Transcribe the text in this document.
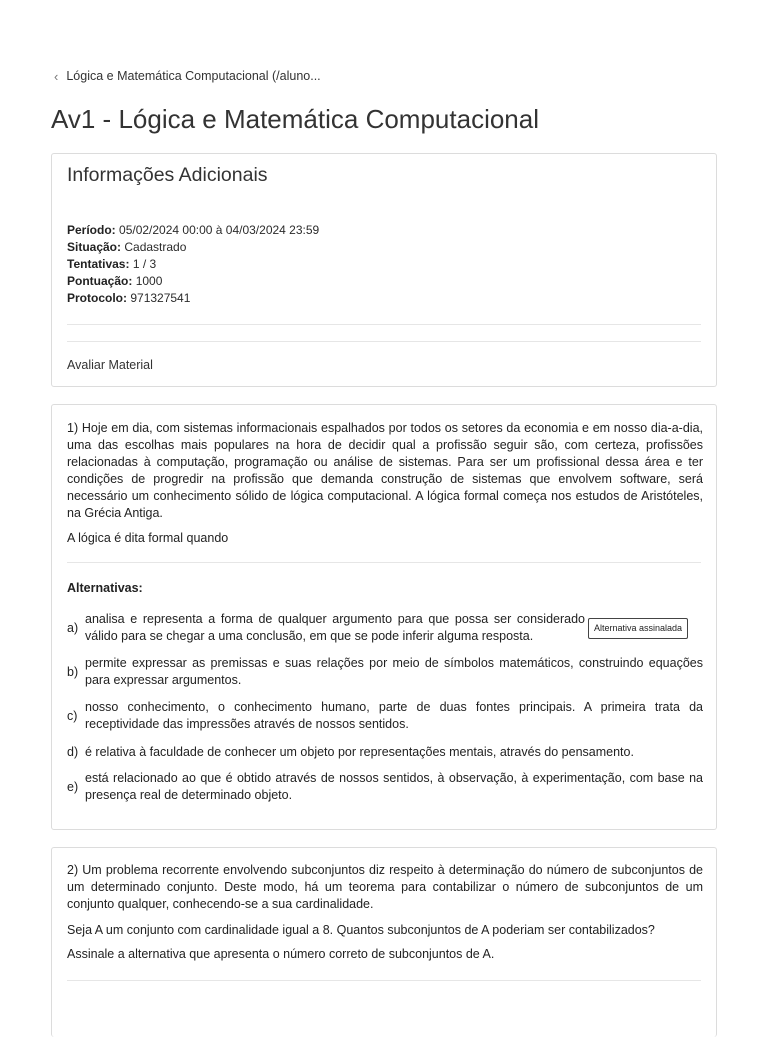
‹ Lógica e Matemática Computacional (/aluno...
Av1 - Lógica e Matemática Computacional
Informações Adicionais
Período: 05/02/2024 00:00 à 04/03/2024 23:59
Situação: Cadastrado
Tentativas: 1 / 3
Pontuação: 1000
Protocolo: 971327541
Avaliar Material

1) Hoje em dia, com sistemas informacionais espalhados por todos os setores da economia e em nosso dia-a-dia, uma das escolhas mais populares na hora de decidir qual a profissão seguir são, com certeza, profissões relacionadas à computação, programação ou análise de sistemas. Para ser um profissional dessa área e ter condições de progredir na profissão que demanda construção de sistemas que envolvem software, será necessário um conhecimento sólido de lógica computacional. A lógica formal começa nos estudos de Aristóteles, na Grécia Antiga.

A lógica é dita formal quando

Alternativas:
a)
analisa e representa a forma de qualquer argumento para que possa ser considerado válido para se chegar a uma conclusão, em que se pode inferir alguma resposta.
Alternativa assinalada
b)
permite expressar as premissas e suas relações por meio de símbolos matemáticos, construindo equações para expressar argumentos.
c)
nosso conhecimento, o conhecimento humano, parte de duas fontes principais. A primeira trata da receptividade das impressões através de nossos sentidos.
d) é relativa à faculdade de conhecer um objeto por representações mentais, através do pensamento.
e)
está relacionado ao que é obtido através de nossos sentidos, à observação, à experimentação, com base na presença real de determinado objeto.

2) Um problema recorrente envolvendo subconjuntos diz respeito à determinação do número de subconjuntos de um determinado conjunto. Deste modo, há um teorema para contabilizar o número de subconjuntos de um conjunto qualquer, conhecendo-se a sua cardinalidade.

Seja A um conjunto com cardinalidade igual a 8. Quantos subconjuntos de A poderiam ser contabilizados?

Assinale a alternativa que apresenta o número correto de subconjuntos de A.
